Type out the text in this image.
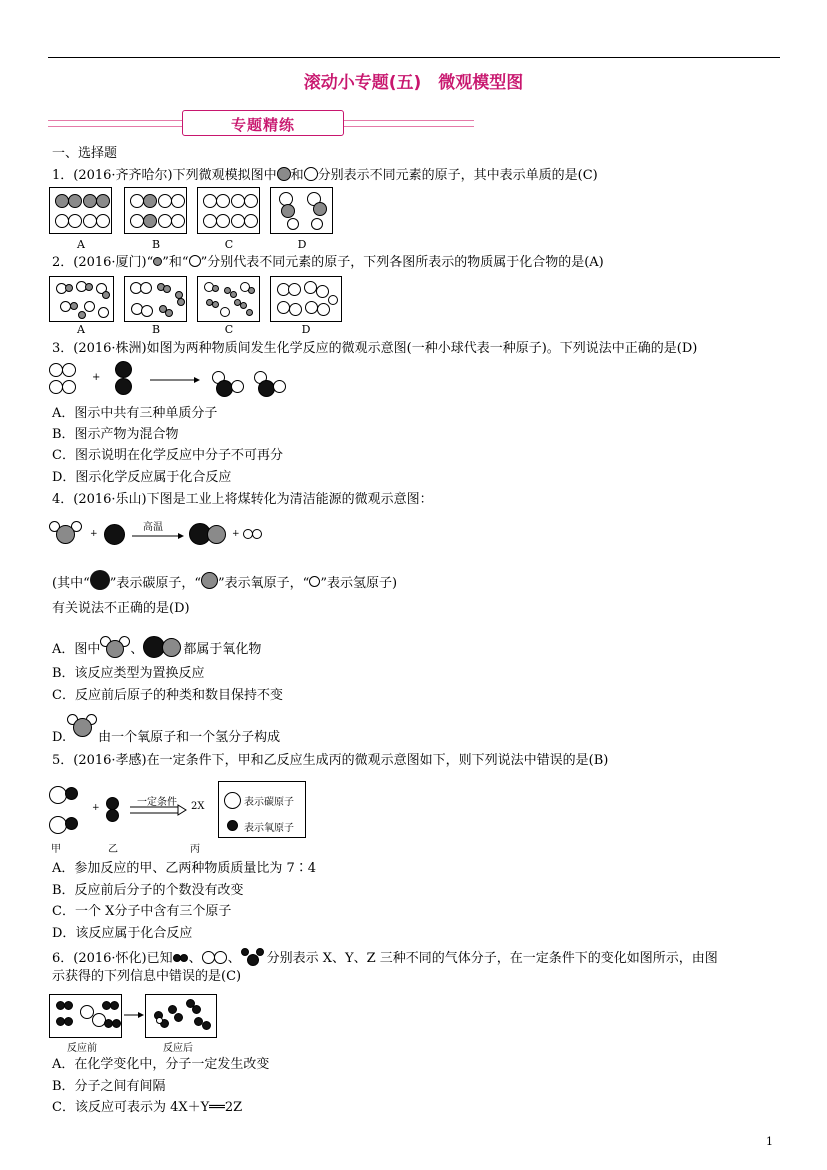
滚动小专题(五)　微观模型图
专题精练
一、选择题
1．(2016·齐齐哈尔)下列微观模拟图中 和 分别表示不同元素的原子，其中表示单质的是(C)
A	B	C	D
2．(2016·厦门)“ ”和“ ”分别代表不同元素的原子，下列各图所表示的物质属于化合物的是(A)
A	B	C	D
3．(2016·株洲)如图为两种物质间发生化学反应的微观示意图(一种小球代表一种原子)。下列说法中正确的是(D)
+
A．图示中共有三种单质分子
B．图示产物为混合物
C．图示说明在化学反应中分子不可再分
D．图示化学反应属于化合反应
4．(2016·乐山)下图是工业上将煤转化为清洁能源的微观示意图：
+
高温
+
(其中“ ”表示碳原子，“ ”表示氧原子，“ ”表示氢原子)
有关说法不正确的是(D)
A．图中 、	都属于氧化物
B．该反应类型为置换反应
C．反应前后原子的种类和数目保持不变
D. 由一个氧原子和一个氢分子构成
5．(2016·孝感)在一定条件下，甲和乙反应生成丙的微观示意图如下，则下列说法中错误的是(B)
+	一定条件 2X	表示碳原子
表示氧原子
甲	乙	丙
A．参加反应的甲、乙两种物质质量比为 7∶4
B．反应前后分子的个数没有改变
C．一个 X分子中含有三个原子
D．该反应属于化合反应
6．(2016·怀化)已知 、 、 分别表示 X、Y、Z 三种不同的气体分子，在一定条件下的变化如图所示，由图
示获得的下列信息中错误的是(C)
反应前	反应后
A．在化学变化中，分子一定发生改变
B．分子之间有间隔
C．该反应可表示为 4X＋Y══2Z
1
